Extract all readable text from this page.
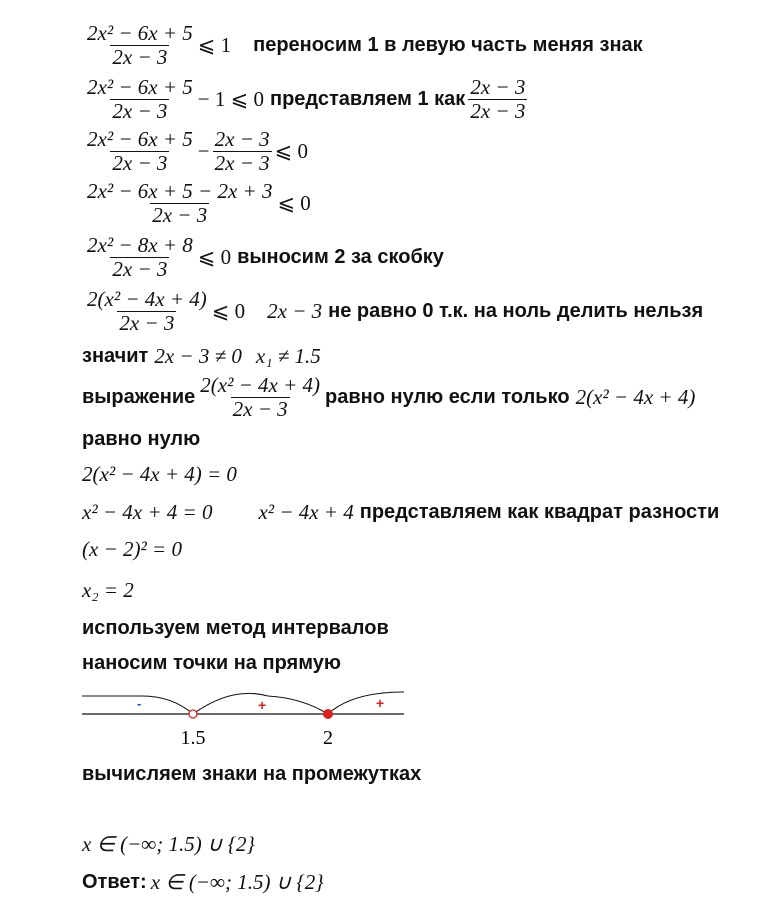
$\frac{\text{2x² − 6x + 5}}{2x - 3}$ ⩽ 1 переносим 1 в левую часть меняя знак
$\frac{\text{2x² − 6x + 5}}{2x - 3} - 1$ ⩽ 0 представляем 1 как $\frac{2x - 3}{2x - 3}$
$\frac{\text{2x² − 6x + 5}}{2x - 3} - \frac{2x - 3}{2x - 3}$ ⩽ 0
$\frac{\text{2x² − 6x + 5 − 2x + 3}}{2x - 3}$ ⩽ 0
$\frac{\text{2x² − 8x + 8}}{2x - 3}$ ⩽ 0 выносим 2 за скобку
$\frac{\text{2(x² − 4x + 4)}}{2x - 3}$ ⩽ 0 2x − 3 не равно 0 т.к. на ноль делить нельзя
значит 2x − 3 ≠ 0 x₁ ≠ 1.5
выражение $\frac{\text{2(x² − 4x + 4)}}{2x - 3}$ равно нулю если только 2(x² − 4x + 4)
равно нулю
2(x² − 4x + 4) = 0
x² − 4x + 4 = 0 x² − 4x + 4 представляем как квадрат разности
(x − 2)² = 0
x₂ = 2
используем метод интервалов
наносим точки на прямую
-	+	+
1.5	2
вычисляем знаки на промежутках
x ∈ (−∞; 1.5) ∪ {2}
Ответ: x ∈ (−∞; 1.5) ∪ {2}
